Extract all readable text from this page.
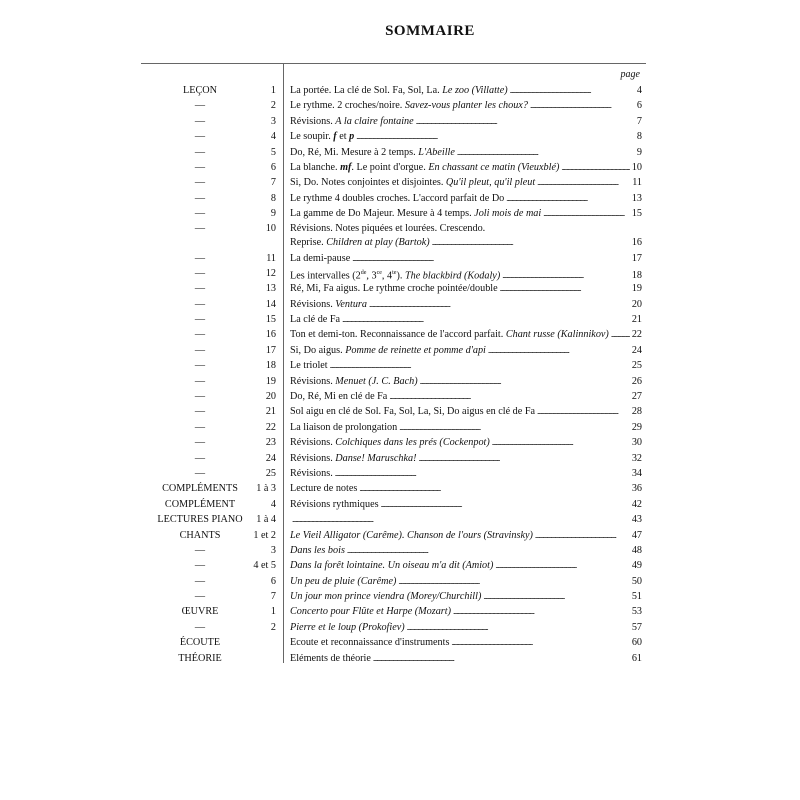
SOMMAIRE
page
LEÇON	1 La portée. La clé de Sol. Fa, Sol, La. Le zoo (Villatte) . . .	4
—	2 Le rythme. 2 croches/noire. Savez-vous planter les choux? . . .	6
—	3 Révisions. A la claire fontaine . . .	7
—	4 Le soupir. f et p . . .	8
—	5 Do, Ré, Mi. Mesure à 2 temps. L'Abeille . . .	9
—	6 La blanche. mf. Le point d'orgue. En chassant ce matin (Vieuxblé) . . .	10
—	7 Si, Do. Notes conjointes et disjointes. Qu'il pleut, qu'il pleut . . .	11
—	8 Le rythme 4 doubles croches. L'accord parfait de Do . . .	13
—	9 La gamme de Do Majeur. Mesure à 4 temps. Joli mois de mai . . .	15
—	10 Révisions. Notes piquées et lourées. Crescendo.
Reprise. Children at play (Bartok) . . .	16
—	11 La demi-pause . . .	17
—	12 Les intervalles (2de, $3^{ce}$, $4^{te}$). The blackbird (Kodaly) . . .	18
—	13 Ré, Mi, Fa aigus. Le rythme croche pointée/double . . .	19
—	14 Révisions. Ventura . . .	20
—	15 La clé de Fa . . .	21
—	16 Ton et demi-ton. Reconnaissance de l'accord parfait. Chant russe (Kalinnikov) . . . 22
—	17 Si, Do aigus. Pomme de reinette et pomme d'api . . .	24
—	18 Le triolet . . .	25
—	19 Révisions. Menuet (J. C. Bach) . . .	26
—	20 Do, Ré, Mi en clé de Fa . . .	27
—	21 Sol aigu en clé de Sol. Fa, Sol, La, Si, Do aigus en clé de Fa . . .	28
—	22 La liaison de prolongation . . .	29
—	23 Révisions. Colchiques dans les prés (Cockenpot) . . .	30
—	24 Révisions. Danse! Maruschka! . . .	32
—	25 Révisions. . . .	34
COMPLÉMENTS	1 à 3 Lecture de notes . . .	36
COMPLÉMENT	4 Révisions rythmiques . . .	42
LECTURES PIANO	1 à 4 . . .	43
CHANTS	1 et 2 Le Vieil Alligator (Carême). Chanson de l'ours (Stravinsky) . . .	47
—	3 Dans les bois . . .	48
—	4 et 5 Dans la forêt lointaine. Un oiseau m'a dit (Amiot) . . .	49
—	6 Un peu de pluie (Carême) . . .	50
—	7 Un jour mon prince viendra (Morey/Churchill) . . .	51
ŒUVRE	1 Concerto pour Flûte et Harpe (Mozart) . . .	53
—	2 Pierre et le loup (Prokofiev) . . .	57
ÉCOUTE	Ecoute et reconnaissance d'instruments . . .	60
THÉORIE	Eléments de théorie . . .	61
